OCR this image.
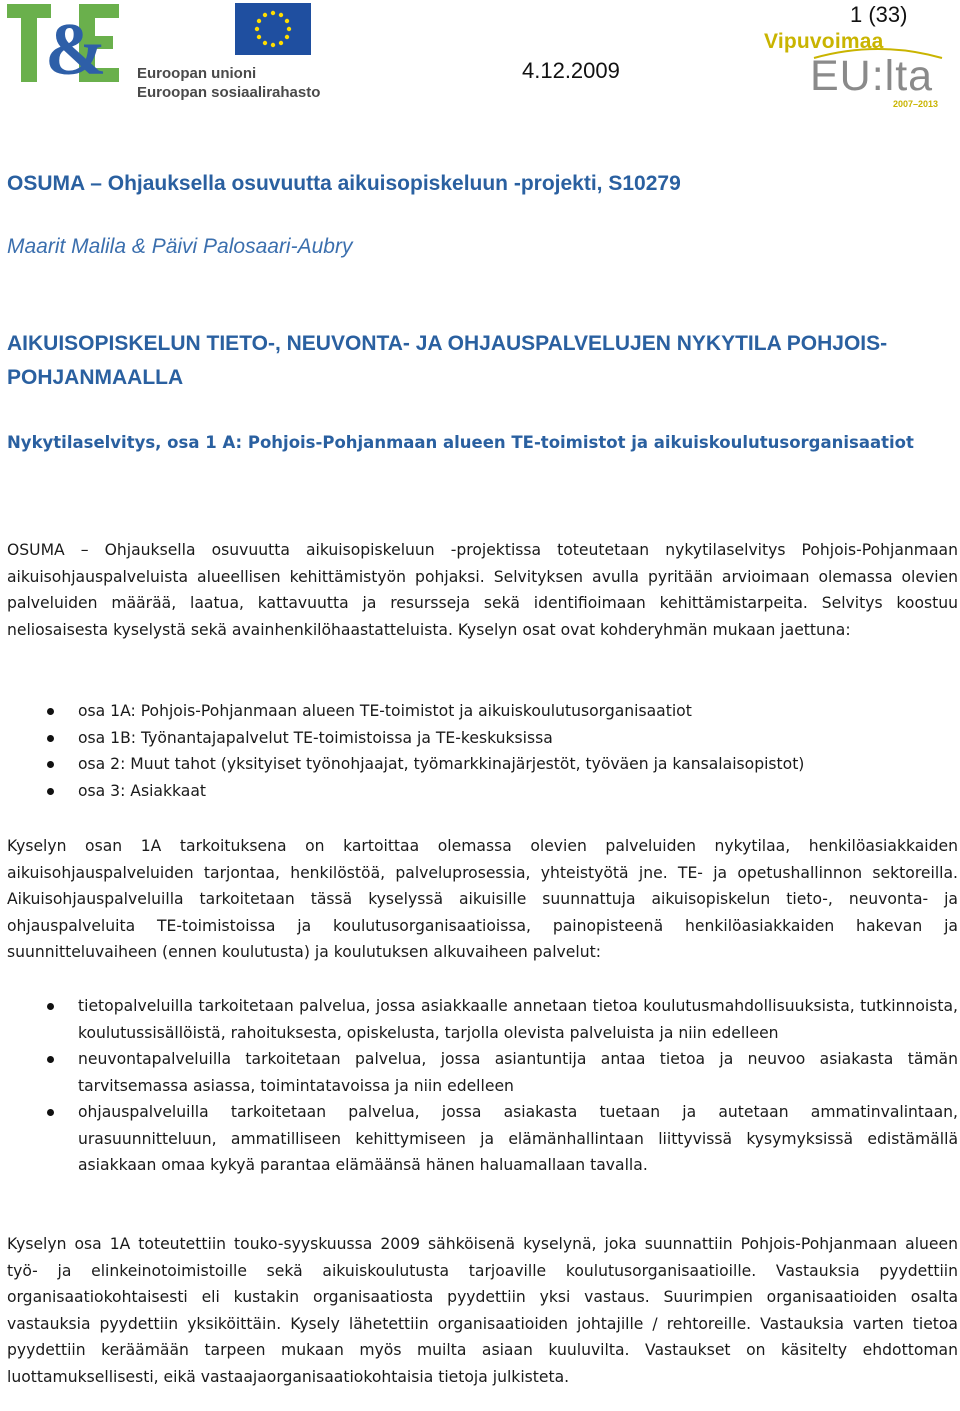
& Euroopan unioni
Euroopan sosiaalirahasto
4.12.2009
1 (33)
Vipuvoimaa
EU:lta
2007–2013
OSUMA – Ohjauksella osuvuutta aikuisopiskeluun -projekti, S10279
Maarit Malila & Päivi Palosaari-Aubry
AIKUISOPISKELUN TIETO-, NEUVONTA- JA OHJAUSPALVELUJEN NYKYTILA POHJOIS-POHJANMAALLA
Nykytilaselvitys, osa 1 A: Pohjois-Pohjanmaan alueen TE-toimistot ja aikuiskoulutusorganisaatiot
OSUMA – Ohjauksella osuvuutta aikuisopiskeluun -projektissa toteutetaan nykytilaselvitys Pohjois-Pohjanmaan aikuisohjauspalveluista alueellisen kehittämistyön pohjaksi. Selvityksen avulla pyritään arvioimaan olemassa olevien palveluiden määrää, laatua, kattavuutta ja resursseja sekä identifioimaan kehittämistarpeita. Selvitys koostuu neliosaisesta kyselystä sekä avainhenkilöhaastatteluista. Kyselyn osat ovat kohderyhmän mukaan jaettuna:
osa 1A: Pohjois-Pohjanmaan alueen TE-toimistot ja aikuiskoulutusorganisaatiot
osa 1B: Työnantajapalvelut TE-toimistoissa ja TE-keskuksissa
osa 2: Muut tahot (yksityiset työnohjaajat, työmarkkinajärjestöt, työväen ja kansalaisopistot)
osa 3: Asiakkaat
Kyselyn osan 1A tarkoituksena on kartoittaa olemassa olevien palveluiden nykytilaa, henkilöasiakkaiden aikuisohjauspalveluiden tarjontaa, henkilöstöä, palveluprosessia, yhteistyötä jne. TE- ja opetushallinnon sektoreilla. Aikuisohjauspalveluilla tarkoitetaan tässä kyselyssä aikuisille suunnattuja aikuisopiskelun tieto-, neuvonta- ja ohjauspalveluita TE-toimistoissa ja koulutusorganisaatioissa, painopisteenä henkilöasiakkaiden hakevan ja suunnitteluvaiheen (ennen koulutusta) ja koulutuksen alkuvaiheen palvelut:
tietopalveluilla tarkoitetaan palvelua, jossa asiakkaalle annetaan tietoa koulutusmahdollisuuksista, tutkinnoista, koulutussisällöistä, rahoituksesta, opiskelusta, tarjolla olevista palveluista ja niin edelleen
neuvontapalveluilla tarkoitetaan palvelua, jossa asiantuntija antaa tietoa ja neuvoo asiakasta tämän tarvitsemassa asiassa, toimintatavoissa ja niin edelleen
ohjauspalveluilla tarkoitetaan palvelua, jossa asiakasta tuetaan ja autetaan ammatinvalintaan, urasuunnitteluun, ammatilliseen kehittymiseen ja elämänhallintaan liittyvissä kysymyksissä edistämällä asiakkaan omaa kykyä parantaa elämäänsä hänen haluamallaan tavalla.
Kyselyn osa 1A toteutettiin touko-syyskuussa 2009 sähköisenä kyselynä, joka suunnattiin Pohjois-Pohjanmaan alueen työ- ja elinkeinotoimistoille sekä aikuiskoulutusta tarjoaville koulutusorganisaatioille. Vastauksia pyydettiin organisaatiokohtaisesti eli kustakin organisaatiosta pyydettiin yksi vastaus. Suurimpien organisaatioiden osalta vastauksia pyydettiin yksiköittäin. Kysely lähetettiin organisaatioiden johtajille / rehtoreille. Vastauksia varten tietoa pyydettiin keräämään tarpeen mukaan myös muilta asiaan kuuluvilta. Vastaukset on käsitelty ehdottoman luottamuksellisesti, eikä vastaajaorganisaatiokohtaisia tietoja julkisteta.
